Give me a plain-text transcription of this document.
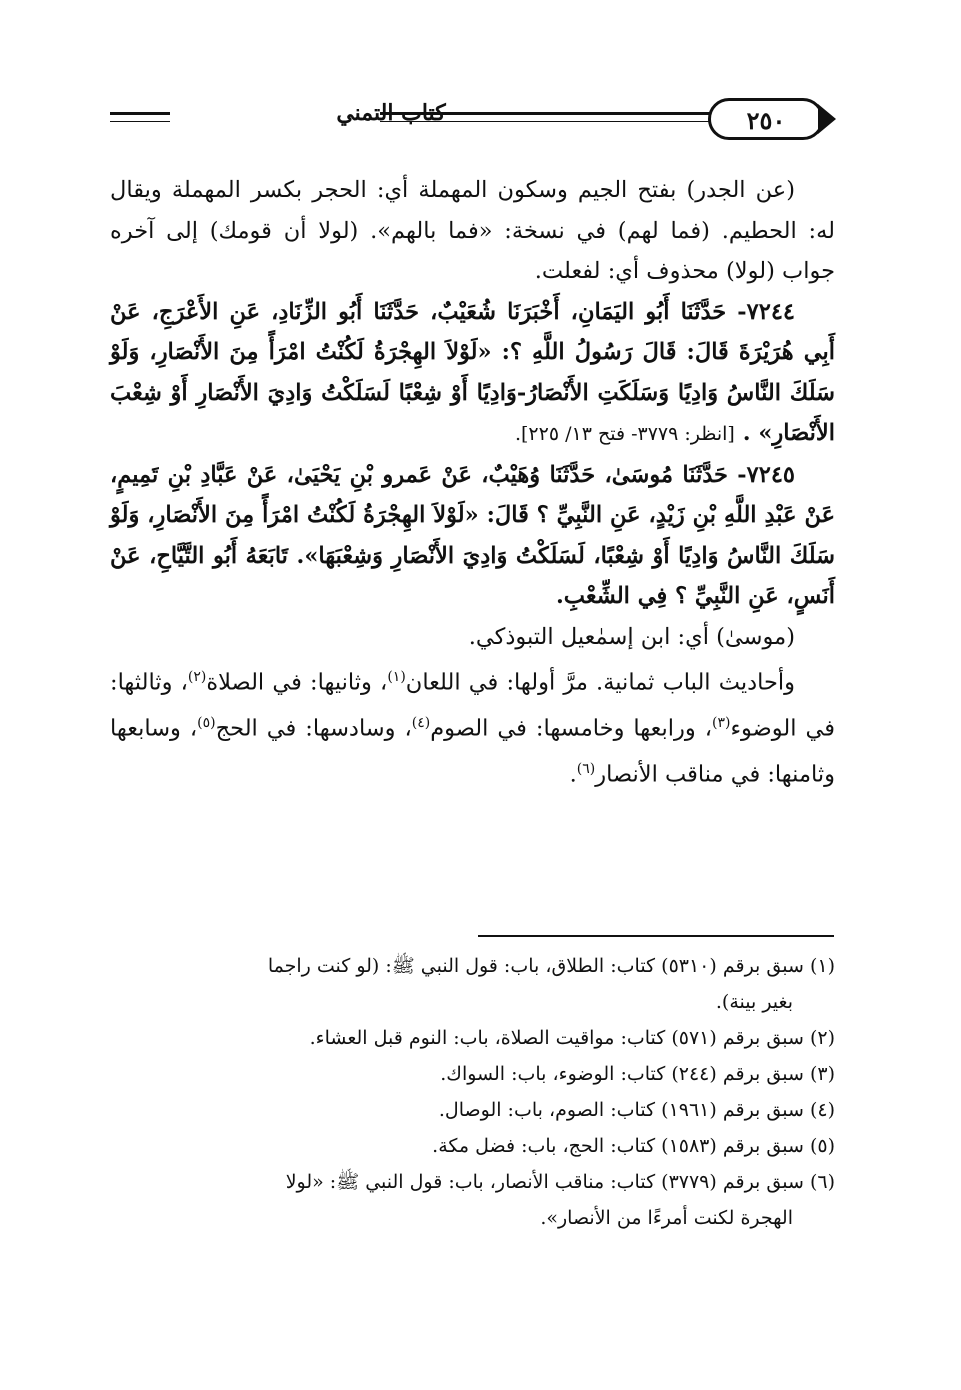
كتاب التمني	٢٥٠

(عن الجدر) بفتح الجيم وسكون المهملة أي: الحجر بكسر المهملة ويقال له: الحطيم. (فما لهم) في نسخة: «فما بالهم». (لولا أن قومك) إلى آخره جواب (لولا) محذوف أي: لفعلت.

٧٢٤٤- حَدَّثَنَا أَبُو اليَمَانِ، أَخْبَرَنَا شُعَيْبٌ، حَدَّثَنَا أَبُو الزِّنَادِ، عَنِ الأَعْرَجِ، عَنْ أَبِي هُرَيْرَةَ قَالَ: قَالَ رَسُولُ اللَّهِ ؟: «لَوْلاَ الهِجْرَةُ لَكُنْتُ امْرَأً مِنَ الأَنْصَارِ، وَلَوْ سَلَكَ النَّاسُ وَادِيًا وَسَلَكَتِ الأَنْصَارُ-وَادِيًا أَوْ شِعْبًا لَسَلَكْتُ وَادِيَ الأَنْصَارِ أَوْ شِعْبَ الأَنْصَارِ» . [انظر: ٣٧٧٩- فتح ١٣/ ٢٢٥].

٧٢٤٥- حَدَّثَنَا مُوسَىٰ، حَدَّثَنَا وُهَيْبٌ، عَنْ عَمرو بْنِ يَحْيَىٰ، عَنْ عَبَّادِ بْنِ تَمِيمٍ، عَنْ عَبْدِ اللَّهِ بْنِ زَيْدٍ، عَنِ النَّبِيِّ ؟ قَالَ: «لَوْلاَ الهِجْرَةُ لَكُنْتُ امْرَأً مِنَ الأَنْصَارِ، وَلَوْ سَلَكَ النَّاسُ وَادِيًا أَوْ شِعْبًا، لَسَلَكْتُ وَادِيَ الأَنْصَارِ وَشِعْبَهَا». تَابَعَهُ أَبُو التَّيَّاحِ، عَنْ أَنَسٍ، عَنِ النَّبِيِّ ؟ فِي الشِّعْبِ.

(موسىٰ) أي: ابن إسمٰعيل التبوذكي.

وأحاديث الباب ثمانية. مرَّ أولها: في اللعان$^{(١)}$، وثانيها: في الصلاة$^{(٢)}$، وثالثها: في الوضوء$^{(٣)}$، ورابعها وخامسها: في الصوم$^{(٤)}$، وسادسها: في الحج$^{(٥)}$، وسابعها وثامنها: في مناقب الأنصار$^{(٦)}$.

(١) سبق برقم (٥٣١٠) كتاب: الطلاق، باب: قول النبي ﷺ: (لو كنت راجما
بغير بينة).

(٢) سبق برقم (٥٧١) كتاب: مواقيت الصلاة، باب: النوم قبل العشاء.

(٣) سبق برقم (٢٤٤) كتاب: الوضوء، باب: السواك.

(٤) سبق برقم (١٩٦١) كتاب: الصوم، باب: الوصال.

(٥) سبق برقم (١٥٨٣) كتاب: الحج، باب: فضل مكة.

(٦) سبق برقم (٣٧٧٩) كتاب: مناقب الأنصار، باب: قول النبي ﷺ: «لولا
الهجرة لكنت أمرءًا من الأنصار».
